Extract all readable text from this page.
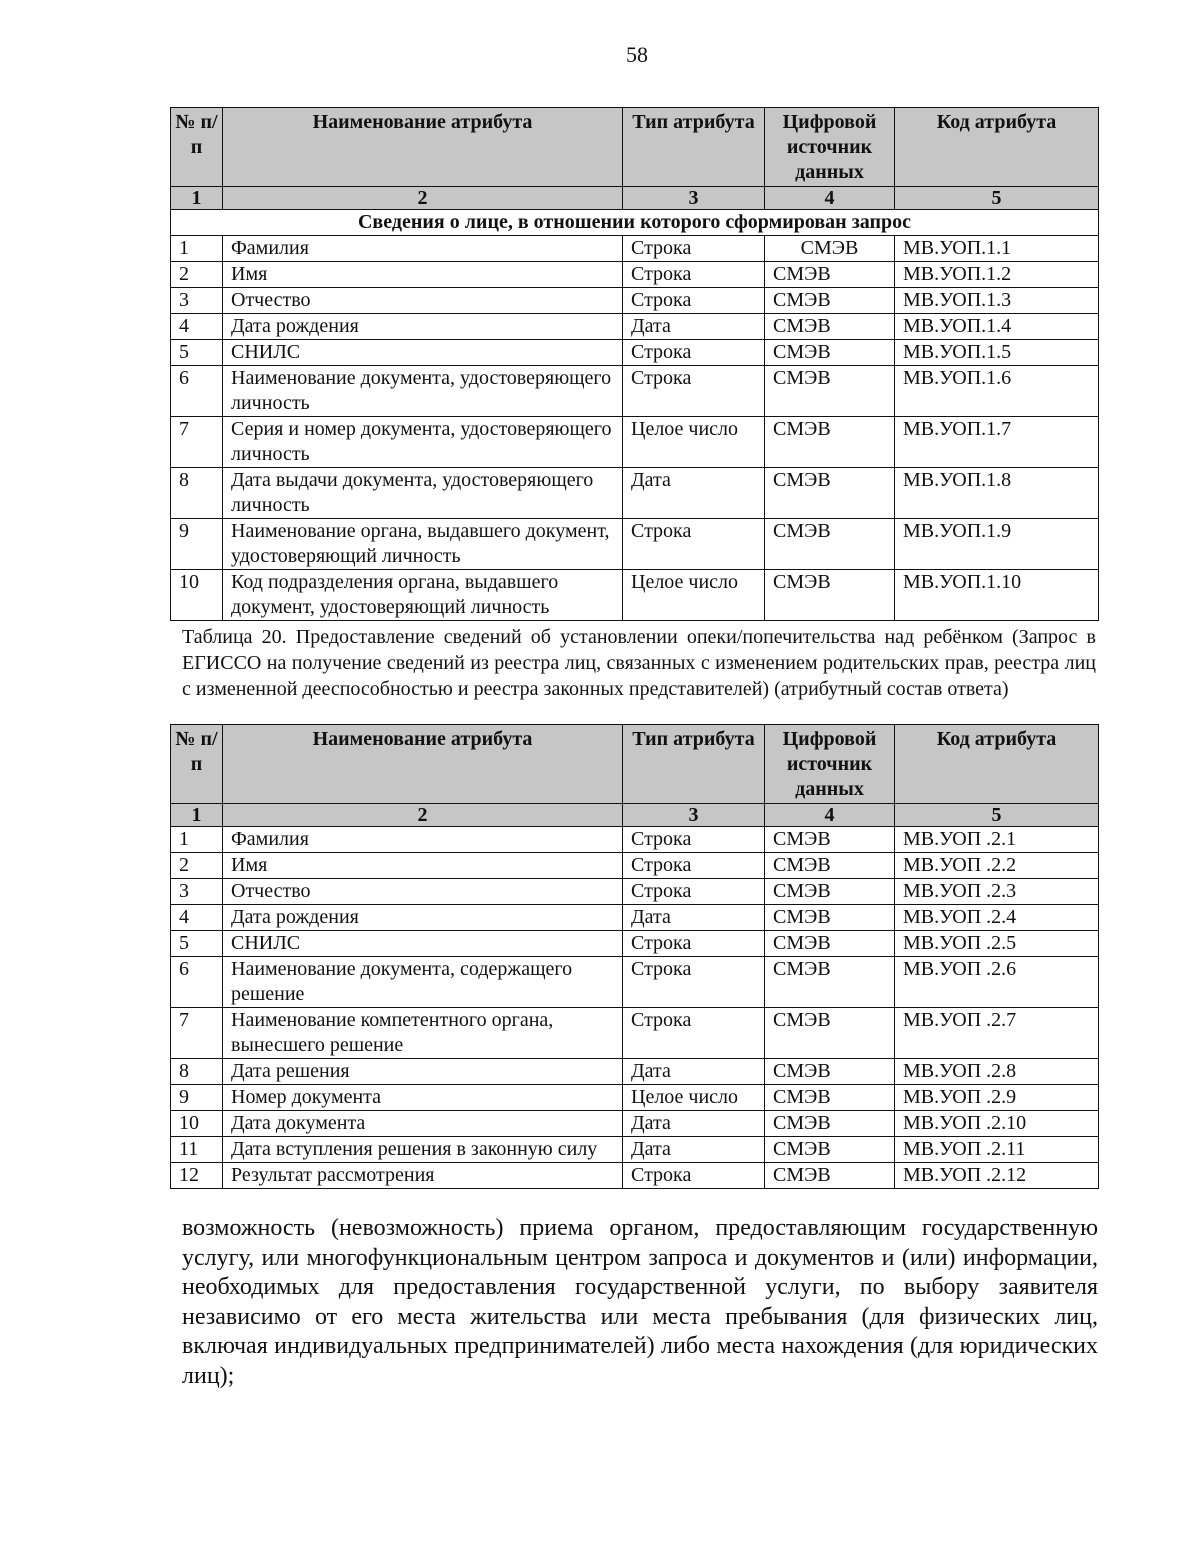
58
№ п/п	Наименование атрибута	Тип атрибута	Цифровой источник данных	Код атрибута
1	2	3	4	5
Сведения о лице, в отношении которого сформирован запрос				
1	Фамилия	Строка	СМЭВ	МВ.УОП.1.1
2	Имя	Строка	СМЭВ	МВ.УОП.1.2
3	Отчество	Строка	СМЭВ	МВ.УОП.1.3
4	Дата рождения	Дата	СМЭВ	МВ.УОП.1.4
5	СНИЛС	Строка	СМЭВ	МВ.УОП.1.5
6	Наименование документа, удостоверяющего личность	Строка	СМЭВ	МВ.УОП.1.6
7	Серия и номер документа, удостоверяющего личность	Целое число	СМЭВ	МВ.УОП.1.7
8	Дата выдачи документа, удостоверяющего личность	Дата	СМЭВ	МВ.УОП.1.8
9	Наименование органа, выдавшего документ, удостоверяющий личность	Строка	СМЭВ	МВ.УОП.1.9
10	Код подразделения органа, выдавшего документ, удостоверяющий личность	Целое число	СМЭВ	МВ.УОП.1.10
Таблица 20. Предоставление сведений об установлении опеки/попечительства над ребёнком (Запрос в ЕГИССО на получение сведений из реестра лиц, связанных с изменением родительских прав, реестра лиц с измененной дееспособностью и реестра законных представителей) (атрибутный состав ответа)
№ п/п	Наименование атрибута	Тип атрибута	Цифровой источник данных	Код атрибута
1	2	3	4	5
1	Фамилия	Строка	СМЭВ	МВ.УОП .2.1
2	Имя	Строка	СМЭВ	МВ.УОП .2.2
3	Отчество	Строка	СМЭВ	МВ.УОП .2.3
4	Дата рождения	Дата	СМЭВ	МВ.УОП .2.4
5	СНИЛС	Строка	СМЭВ	МВ.УОП .2.5
6	Наименование документа, содержащего решение	Строка	СМЭВ	МВ.УОП .2.6
7	Наименование компетентного органа, вынесшего решение	Строка	СМЭВ	МВ.УОП .2.7
8	Дата решения	Дата	СМЭВ	МВ.УОП .2.8
9	Номер документа	Целое число	СМЭВ	МВ.УОП .2.9
10	Дата документа	Дата	СМЭВ	МВ.УОП .2.10
11	Дата вступления решения в законную силу	Дата	СМЭВ	МВ.УОП .2.11
12	Результат рассмотрения	Строка	СМЭВ	МВ.УОП .2.12
возможность (невозможность) приема органом, предоставляющим государственную услугу, или многофункциональным центром запроса и документов и (или) информации, необходимых для предоставления государственной услуги, по выбору заявителя независимо от его места жительства или места пребывания (для физических лиц, включая индивидуальных предпринимателей) либо места нахождения (для юридических лиц);
